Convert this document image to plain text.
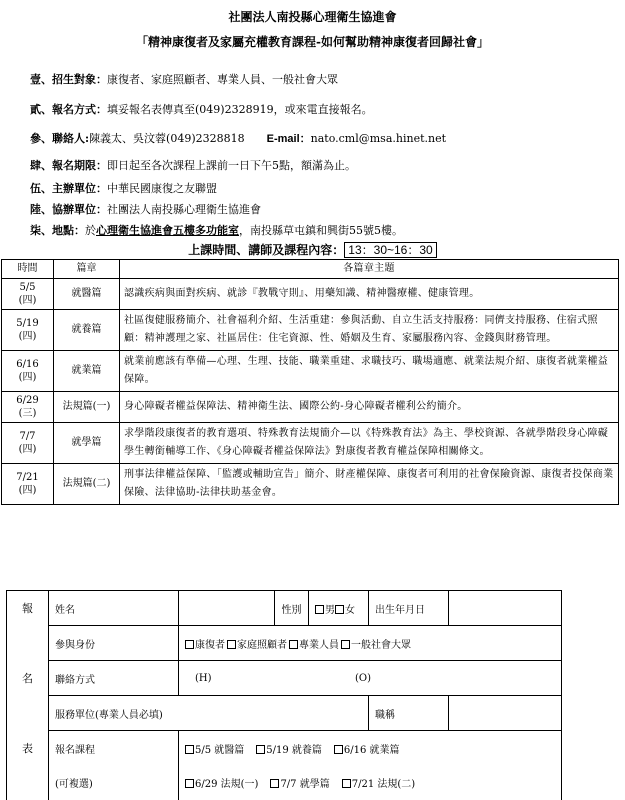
社團法人南投縣心理衛生協進會
「精神康復者及家屬充權教育課程-如何幫助精神康復者回歸社會」
壹、招生對象：康復者、家庭照顧者、專業人員、一般社會大眾
貳、報名方式：填妥報名表傳真至(049)2328919，或來電直接報名。
參、聯絡人:陳義太、吳汶蓉(049)2328818 E-mail：nato.cml@msa.hinet.net
肆、報名期限：即日起至各次課程上課前一日下午5點，額滿為止。
伍、主辦單位：中華民國康復之友聯盟
陸、協辦單位：社團法人南投縣心理衛生協進會
柒、地點：於心理衛生協進會五樓多功能室，南投縣草屯鎮和興街55號5樓。
上課時間、講師及課程內容： 13：30~16：30
時間	篇章	各篇章主題
5/5
(四)	就醫篇	認識疾病與面對疾病、就診『教戰守則』、用藥知識、精神醫療權、健康管理。
5/19
(四)	就養篇	社區復健服務簡介、社會福利介紹、生活重建：參與活動、自立生活支持服務：同儕支持服務、住宿式照顧：精神護理之家、社區居住：住宅資源、性、婚姻及生育、家屬服務內容、金錢與財務管理。
6/16
(四)	就業篇	就業前應該有準備—心理、生理、技能、職業重建、求職技巧、職場適應、就業法規介紹、康復者就業權益保障。
6/29
(三)	法規篇(一)	身心障礙者權益保障法、精神衛生法、國際公約-身心障礙者權利公約簡介。
7/7
(四)	就學篇	求學階段康復者的教育選項、特殊教育法規簡介—以《特殊教育法》為主、學校資源、各就學階段身心障礙學生轉銜輔導工作、《身心障礙者權益保障法》對康復者教育權益保障相關條文。
7/21
(四)	法規篇(二)	刑事法律權益保障、「監護或輔助宣告」簡介、財產權保障、康復者可利用的社會保險資源、康復者投保商業保險、法律協助-法律扶助基金會。
報	姓名		性別	男 女	出生年月日	
	參與身份	康復者 家庭照顧者 專業人員 一般社會大眾				
名	聯絡方式	(H) (O)				
	服務單位(專業人員必填)				職稱	
表	報名課程	5/5 就醫篇 5/19 就養篇 6/16 就業篇				
	(可複選)	6/29 法規(一) 7/7 就學篇 7/21 法規(二)				
